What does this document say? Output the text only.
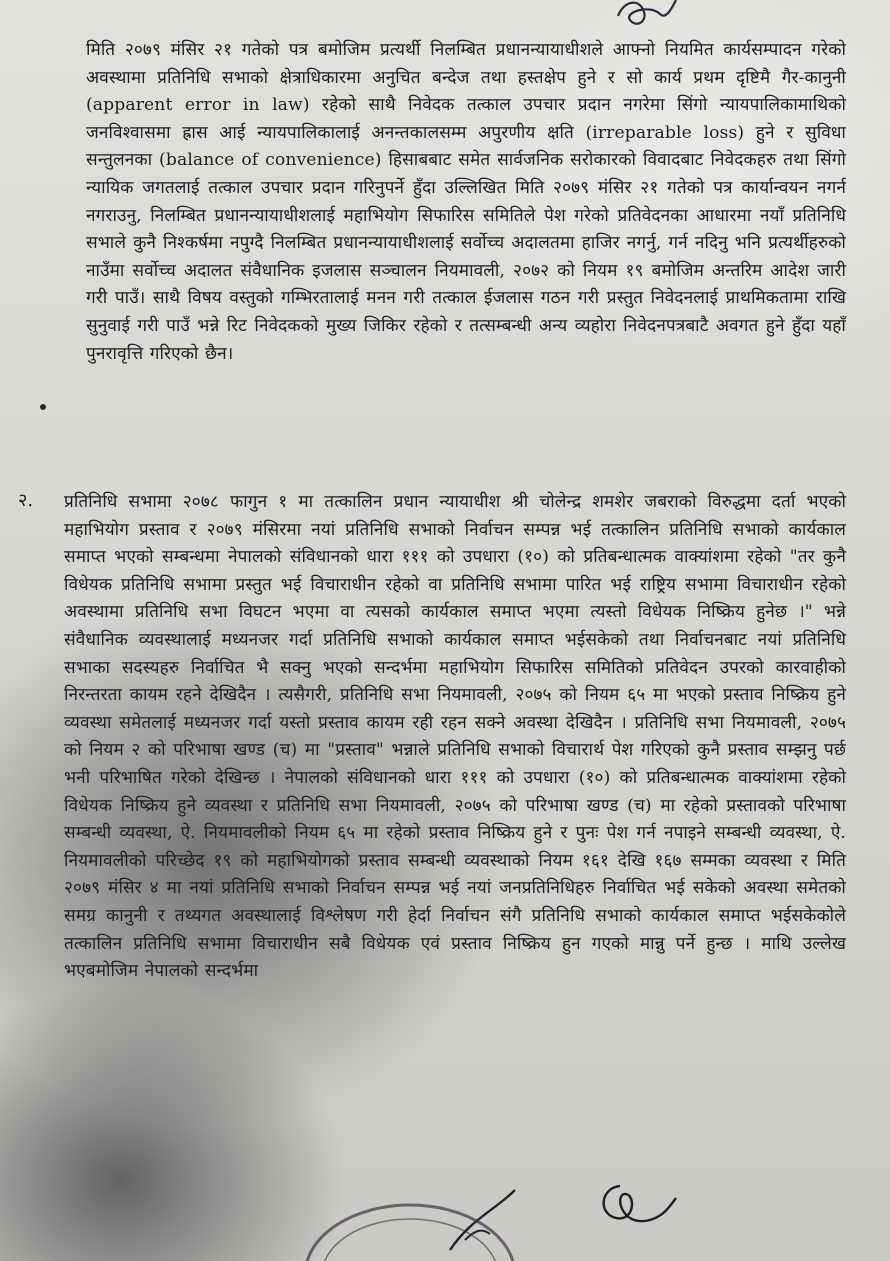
मिति २०७९ मंसिर २१ गतेको पत्र बमोजिम प्रत्यर्थी निलम्बित प्रधानन्यायाधीशले आफ्नो नियमित कार्यसम्पादन गरेको अवस्थामा प्रतिनिधि सभाको क्षेत्राधिकारमा अनुचित बन्देज तथा हस्तक्षेप हुने र सो कार्य प्रथम दृष्टिमै गैर-कानुनी (apparent error in law) रहेको साथै निवेदक तत्काल उपचार प्रदान नगरेमा सिंगो न्यायपालिकामाथिको जनविश्वासमा ह्रास आई न्यायपालिकालाई अनन्तकालसम्म अपुरणीय क्षति (irreparable loss) हुने र सुविधा सन्तुलनका (balance of convenience) हिसाबबाट समेत सार्वजनिक सरोकारको विवादबाट निवेदकहरु तथा सिंगो न्यायिक जगतलाई तत्काल उपचार प्रदान गरिनुपर्ने हुँदा उल्लिखित मिति २०७९ मंसिर २१ गतेको पत्र कार्यान्वयन नगर्न नगराउनु, निलम्बित प्रधानन्यायाधीशलाई महाभियोग सिफारिस समितिले पेश गरेको प्रतिवेदनका आधारमा नयाँ प्रतिनिधि सभाले कुनै निश्कर्षमा नपुग्दै निलम्बित प्रधानन्यायाधीशलाई सर्वोच्च अदालतमा हाजिर नगर्नु, गर्न नदिनु भनि प्रत्यर्थीहरुको नाउँमा सर्वोच्च अदालत संवैधानिक इजलास सञ्चालन नियमावली, २०७२ को नियम १९ बमोजिम अन्तरिम आदेश जारी गरी पाउँ। साथै विषय वस्तुको गम्भिरतालाई मनन गरी तत्काल ईजलास गठन गरी प्रस्तुत निवेदनलाई प्राथमिकतामा राखि सुनुवाई गरी पाउँ भन्ने रिट निवेदकको मुख्य जिकिर रहेको र तत्सम्बन्धी अन्य व्यहोरा निवेदनपत्रबाटै अवगत हुने हुँदा यहाँ पुनरावृत्ति गरिएको छैन।
२. प्रतिनिधि सभामा २०७८ फागुन १ मा तत्कालिन प्रधान न्यायाधीश श्री चोलेन्द्र शमशेर जबराको विरुद्धमा दर्ता भएको महाभियोग प्रस्ताव र २०७९ मंसिरमा नयां प्रतिनिधि सभाको निर्वाचन सम्पन्न भई तत्कालिन प्रतिनिधि सभाको कार्यकाल समाप्त भएको सम्बन्धमा नेपालको संविधानको धारा १११ को उपधारा (१०) को प्रतिबन्धात्मक वाक्यांशमा रहेको "तर कुनै विधेयक प्रतिनिधि सभामा प्रस्तुत भई विचाराधीन रहेको वा प्रतिनिधि सभामा पारित भई राष्ट्रिय सभामा विचाराधीन रहेको अवस्थामा प्रतिनिधि सभा विघटन भएमा वा त्यसको कार्यकाल समाप्त भएमा त्यस्तो विधेयक निष्क्रिय हुनेछ ।" भन्ने संवैधानिक व्यवस्थालाई मध्यनजर गर्दा प्रतिनिधि सभाको कार्यकाल समाप्त भईसकेको तथा निर्वाचनबाट नयां प्रतिनिधि सभाका सदस्यहरु निर्वाचित भै सक्नु भएको सन्दर्भमा महाभियोग सिफारिस समितिको प्रतिवेदन उपरको कारवाहीको निरन्तरता कायम रहने देखिदैन । त्यसैगरी, प्रतिनिधि सभा नियमावली, २०७५ को नियम ६५ मा भएको प्रस्ताव निष्क्रिय हुने व्यवस्था समेतलाई मध्यनजर गर्दा यस्तो प्रस्ताव कायम रही रहन सक्ने अवस्था देखिदैन । प्रतिनिधि सभा नियमावली, २०७५ को नियम २ को परिभाषा खण्ड (च) मा "प्रस्ताव" भन्नाले प्रतिनिधि सभाको विचारार्थ पेश गरिएको कुनै प्रस्ताव सम्झनु पर्छ भनी परिभाषित गरेको देखिन्छ । नेपालको संविधानको धारा १११ को उपधारा (१०) को प्रतिबन्धात्मक वाक्यांशमा रहेको विधेयक निष्क्रिय हुने व्यवस्था र प्रतिनिधि सभा नियमावली, २०७५ को परिभाषा खण्ड (च) मा रहेको प्रस्तावको परिभाषा सम्बन्धी व्यवस्था, ऐ. नियमावलीको नियम ६५ मा रहेको प्रस्ताव निष्क्रिय हुने र पुनः पेश गर्न नपाइने सम्बन्धी व्यवस्था, ऐ. नियमावलीको परिच्छेद १९ को महाभियोगको प्रस्ताव सम्बन्धी व्यवस्थाको नियम १६१ देखि १६७ सम्मका व्यवस्था र मिति २०७९ मंसिर ४ मा नयां प्रतिनिधि सभाको निर्वाचन सम्पन्न भई नयां जनप्रतिनिधिहरु निर्वाचित भई सकेको अवस्था समेतको समग्र कानुनी र तथ्यगत अवस्थालाई विश्लेषण गरी हेर्दा निर्वाचन संगै प्रतिनिधि सभाको कार्यकाल समाप्त भईसकेकोले तत्कालिन प्रतिनिधि सभामा विचाराधीन सबै विधेयक एवं प्रस्ताव निष्क्रिय हुन गएको मान्नु पर्ने हुन्छ । माथि उल्लेख भएबमोजिम नेपालको सन्दर्भमा
